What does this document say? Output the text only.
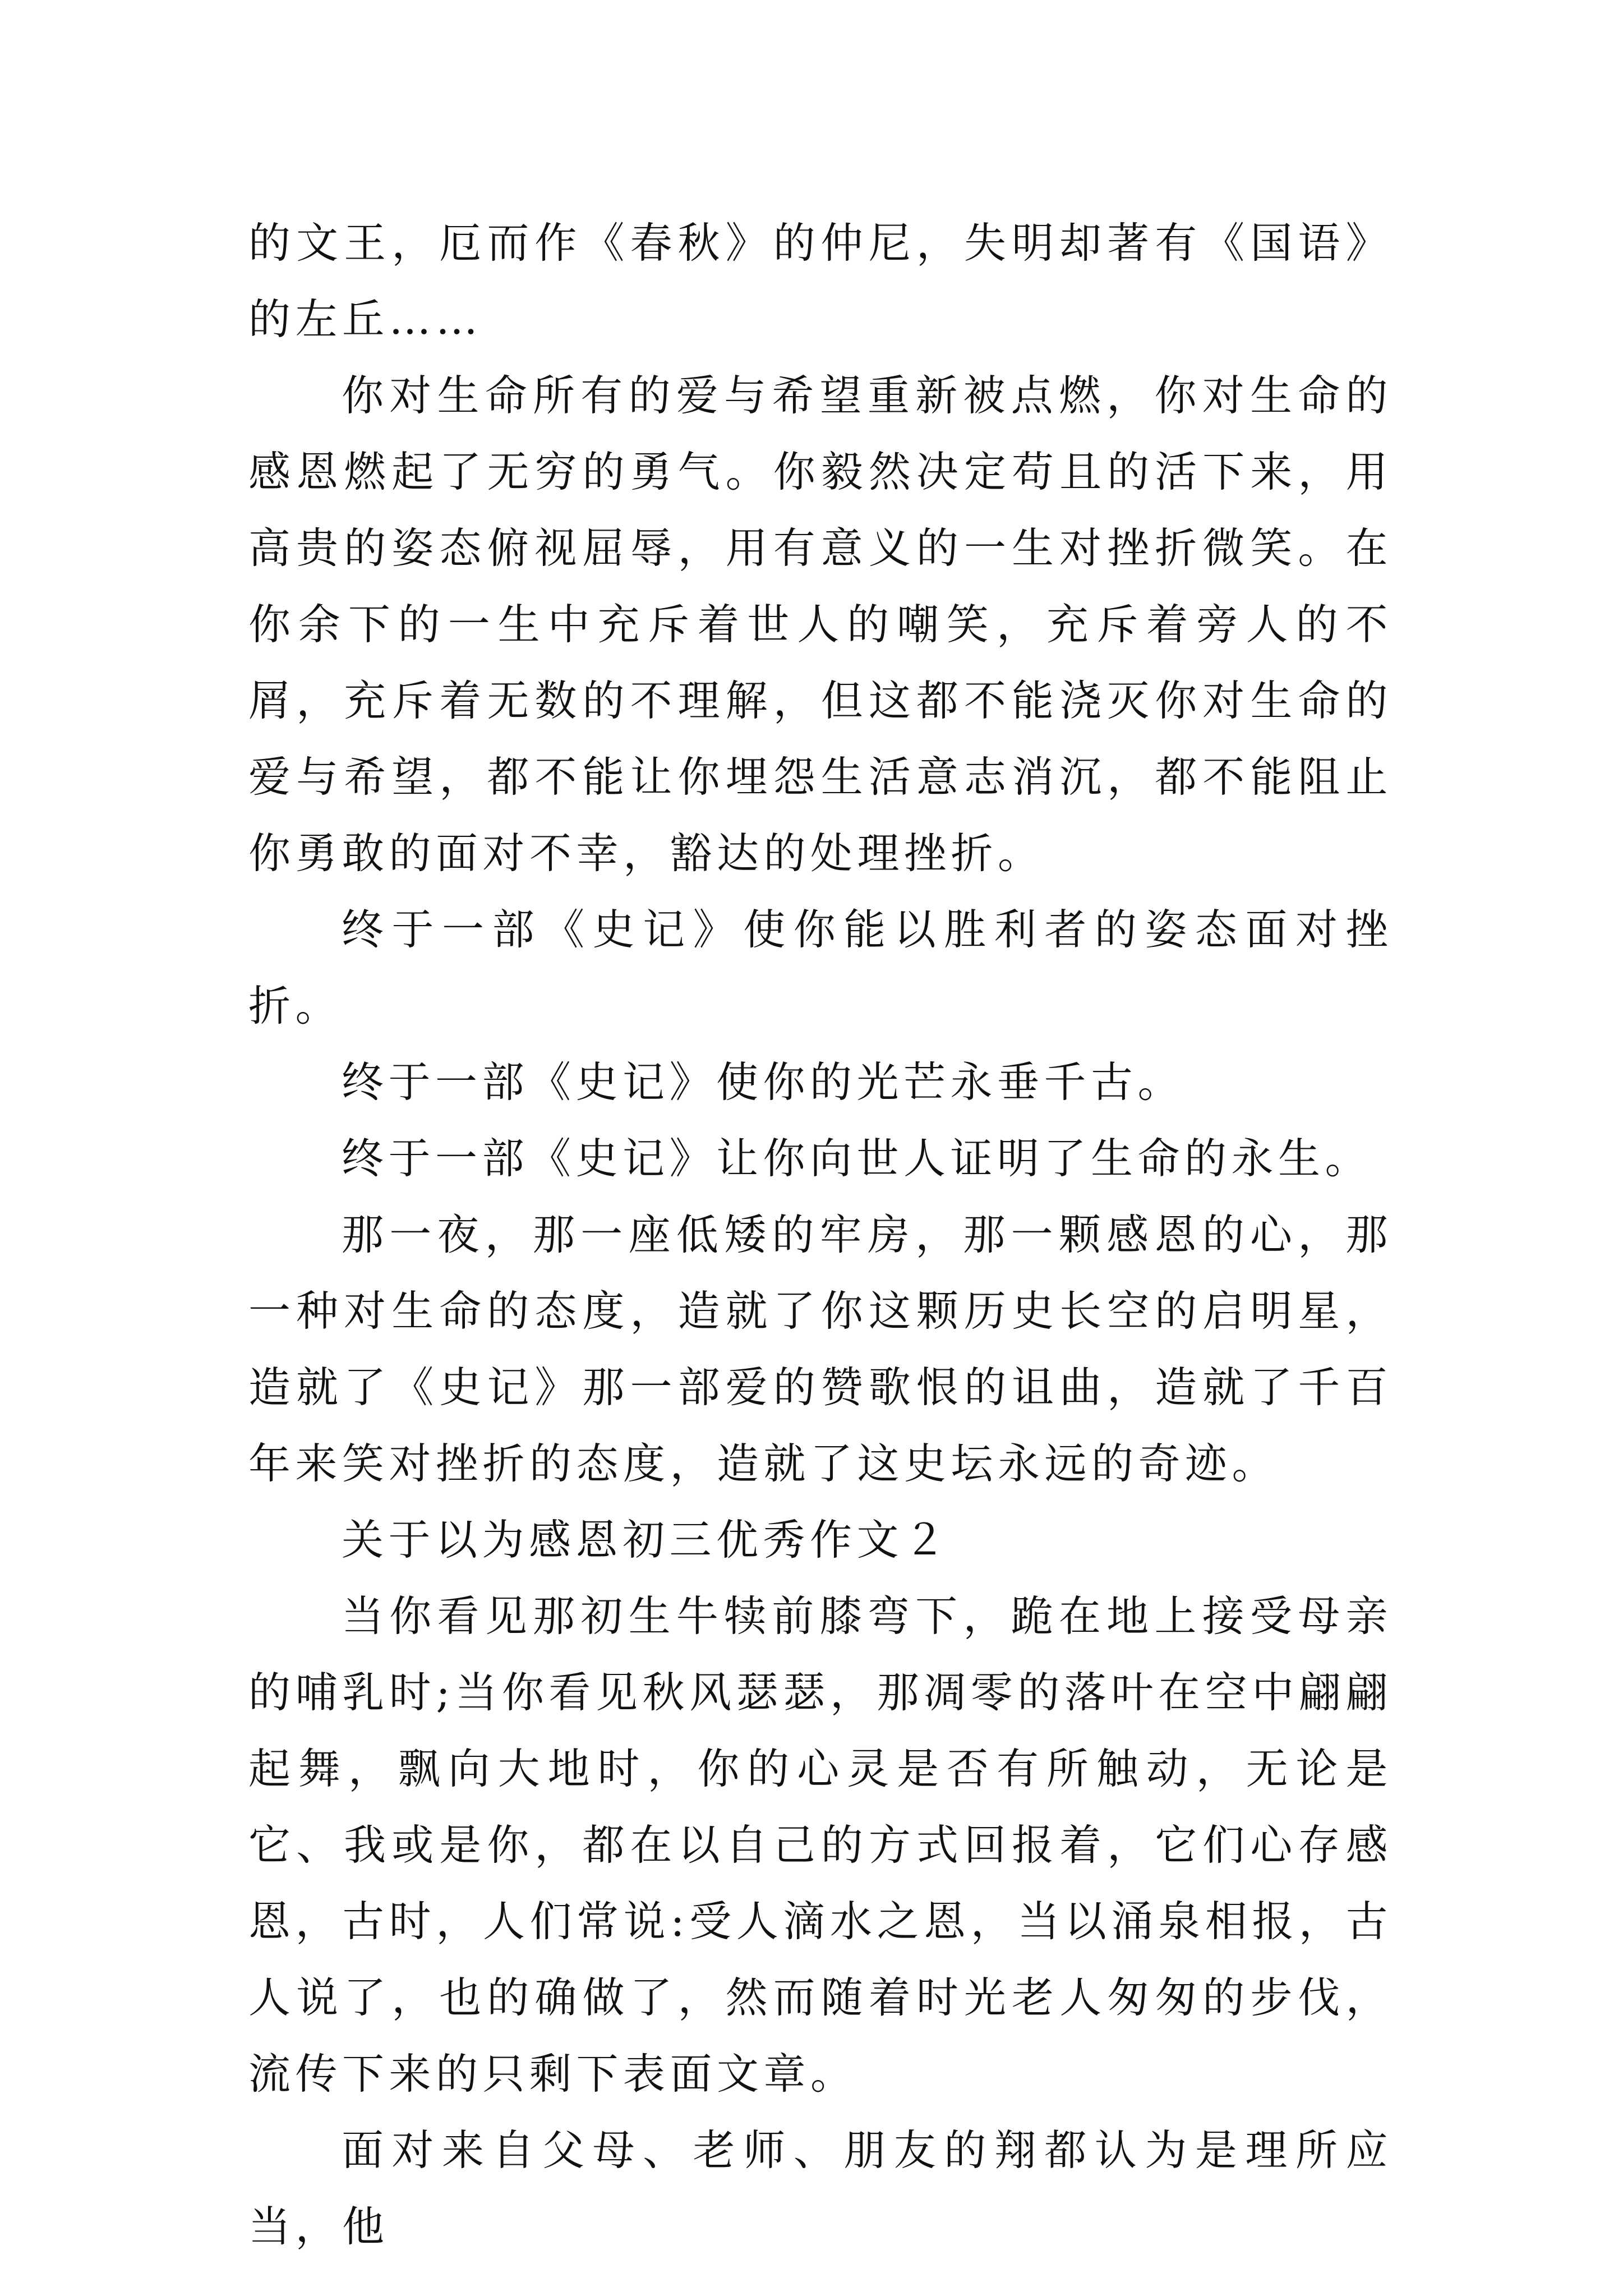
的文王，厄而作《春秋》的仲尼，失明却著有《国语》的左丘……

你对生命所有的爱与希望重新被点燃，你对生命的感恩燃起了无穷的勇气。你毅然决定苟且的活下来，用高贵的姿态俯视屈辱，用有意义的一生对挫折微笑。在你余下的一生中充斥着世人的嘲笑，充斥着旁人的不屑，充斥着无数的不理解，但这都不能浇灭你对生命的爱与希望，都不能让你埋怨生活意志消沉，都不能阻止你勇敢的面对不幸，豁达的处理挫折。

终于一部《史记》使你能以胜利者的姿态面对挫折。

终于一部《史记》使你的光芒永垂千古。

终于一部《史记》让你向世人证明了生命的永生。

那一夜，那一座低矮的牢房，那一颗感恩的心，那一种对生命的态度，造就了你这颗历史长空的启明星，造就了《史记》那一部爱的赞歌恨的诅曲，造就了千百年来笑对挫折的态度，造就了这史坛永远的奇迹。

关于以为感恩初三优秀作文２

当你看见那初生牛犊前膝弯下，跪在地上接受母亲的哺乳时;当你看见秋风瑟瑟，那凋零的落叶在空中翩翩起舞，飘向大地时，你的心灵是否有所触动，无论是它、我或是你，都在以自己的方式回报着，它们心存感恩，古时，人们常说:受人滴水之恩，当以涌泉相报，古人说了，也的确做了，然而随着时光老人匆匆的步伐，流传下来的只剩下表面文章。

面对来自父母、老师、朋友的翔都认为是理所应当，他
